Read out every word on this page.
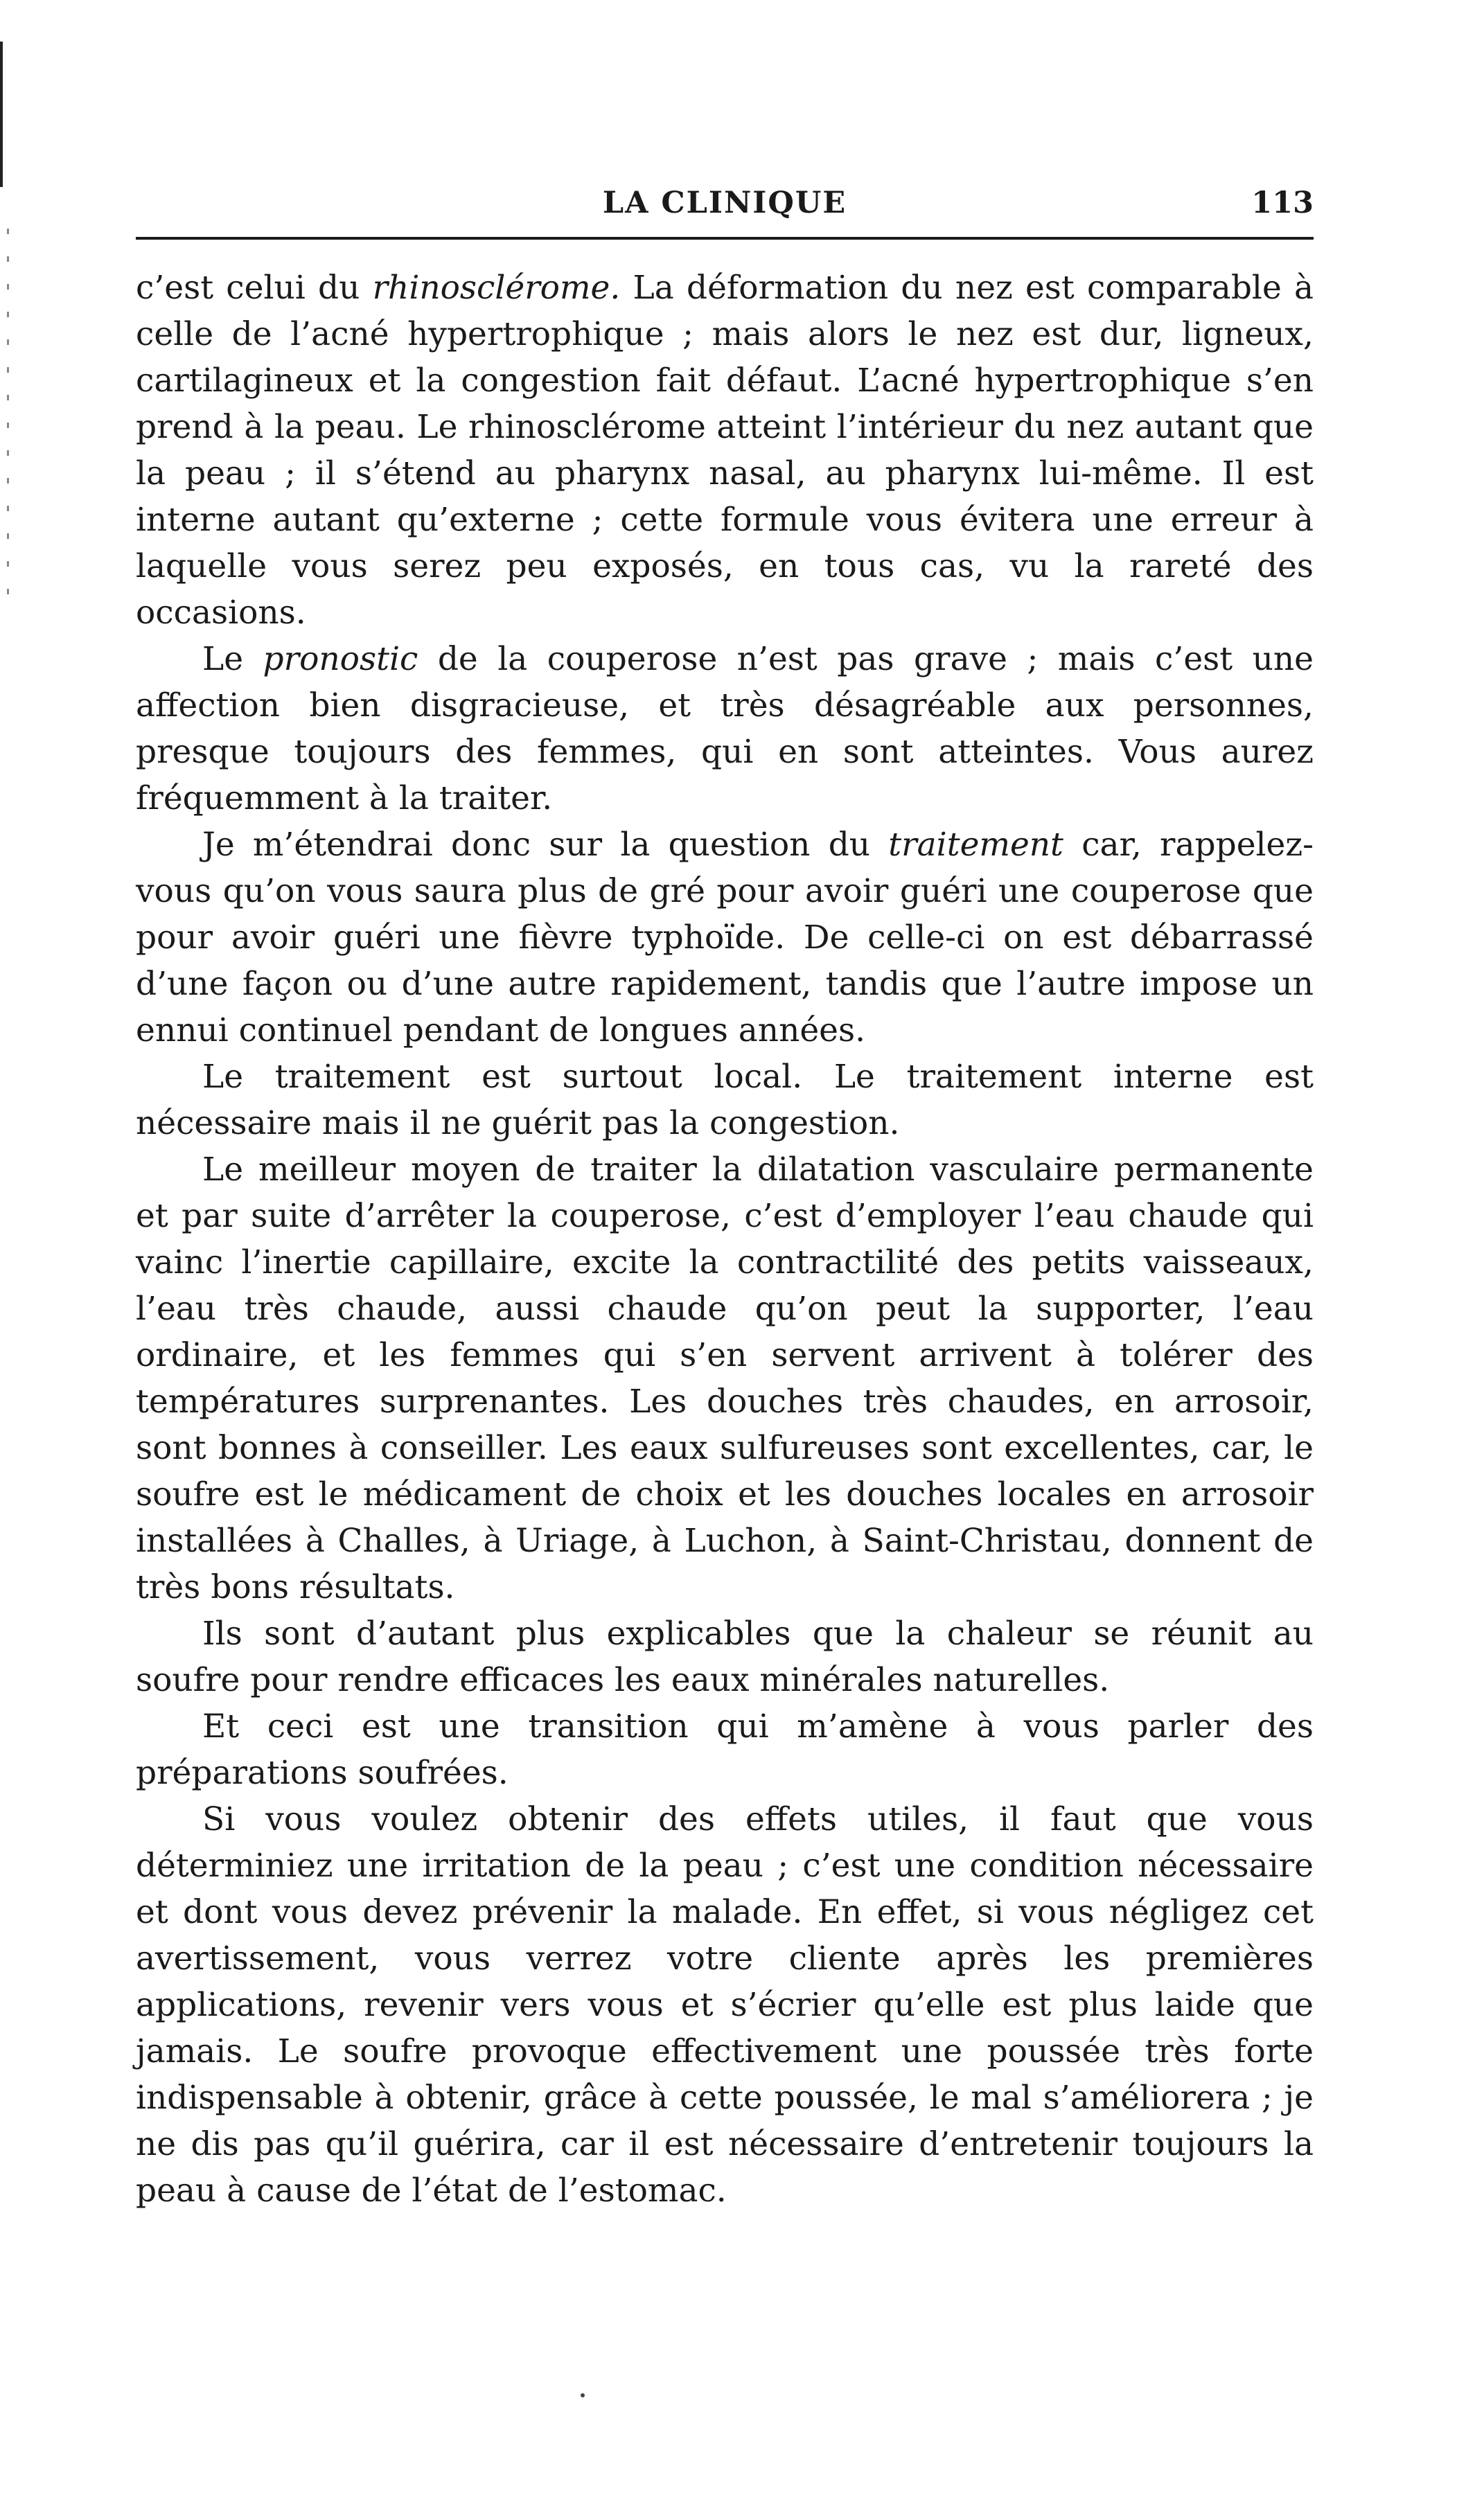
LA CLINIQUE	113

c’est celui du rhinosclérome. La déformation du nez est comparable à celle de l’acné hypertrophique ; mais alors le nez est dur, ligneux, cartilagineux et la congestion fait défaut. L’acné hypertrophique s’en prend à la peau. Le rhinosclérome atteint l’intérieur du nez autant que la peau ; il s’étend au pharynx nasal, au pharynx lui-même. Il est interne autant qu’externe ; cette formule vous évitera une erreur à laquelle vous serez peu exposés, en tous cas, vu la rareté des occasions.

Le pronostic de la couperose n’est pas grave ; mais c’est une affection bien disgracieuse, et très désagréable aux personnes, presque toujours des femmes, qui en sont atteintes. Vous aurez fréquemment à la traiter.

Je m’étendrai donc sur la question du traitement car, rappelez-vous qu’on vous saura plus de gré pour avoir guéri une couperose que pour avoir guéri une fièvre typhoïde. De celle-ci on est débarrassé d’une façon ou d’une autre rapidement, tandis que l’autre impose un ennui continuel pendant de longues années.

Le traitement est surtout local. Le traitement interne est nécessaire mais il ne guérit pas la congestion.

Le meilleur moyen de traiter la dilatation vasculaire permanente et par suite d’arrêter la couperose, c’est d’employer l’eau chaude qui vainc l’inertie capillaire, excite la contractilité des petits vaisseaux, l’eau très chaude, aussi chaude qu’on peut la supporter, l’eau ordinaire, et les femmes qui s’en servent arrivent à tolérer des températures surprenantes. Les douches très chaudes, en arrosoir, sont bonnes à conseiller. Les eaux sulfureuses sont excellentes, car, le soufre est le médicament de choix et les douches locales en arrosoir installées à Challes, à Uriage, à Luchon, à Saint-Christau, donnent de très bons résultats.

Ils sont d’autant plus explicables que la chaleur se réunit au soufre pour rendre efficaces les eaux minérales naturelles.

Et ceci est une transition qui m’amène à vous parler des préparations soufrées.

Si vous voulez obtenir des effets utiles, il faut que vous déterminiez une irritation de la peau ; c’est une condition nécessaire et dont vous devez prévenir la malade. En effet, si vous négligez cet avertissement, vous verrez votre cliente après les premières applications, revenir vers vous et s’écrier qu’elle est plus laide que jamais. Le soufre provoque effectivement une poussée très forte indispensable à obtenir, grâce à cette poussée, le mal s’améliorera ; je ne dis pas qu’il guérira, car il est nécessaire d’entretenir toujours la peau à cause de l’état de l’estomac.
